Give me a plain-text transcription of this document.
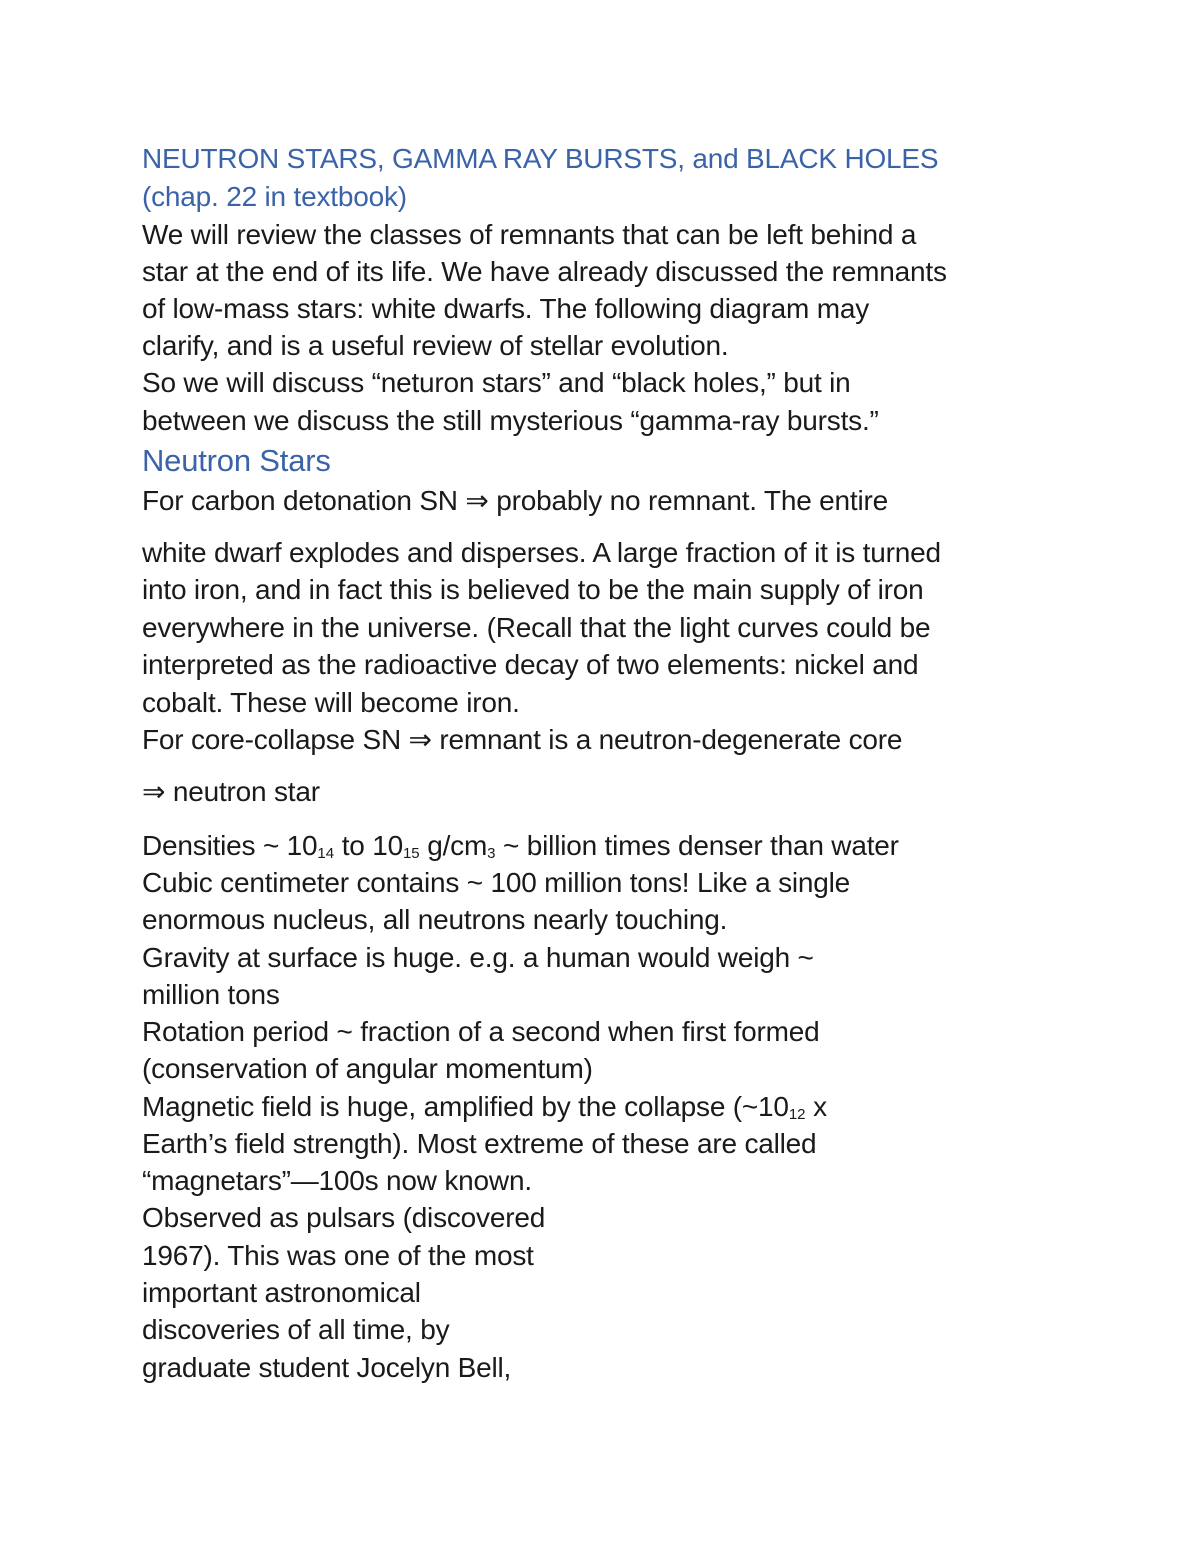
NEUTRON STARS, GAMMA RAY BURSTS, and BLACK HOLES
(chap. 22 in textbook)
We will review the classes of remnants that can be left behind a
star at the end of its life. We have already discussed the remnants
of low-mass stars: white dwarfs. The following diagram may
clarify, and is a useful review of stellar evolution.
So we will discuss “neturon stars” and “black holes,” but in
between we discuss the still mysterious “gamma-ray bursts.”
Neutron Stars
For carbon detonation SN ⇒ probably no remnant. The entire
white dwarf explodes and disperses. A large fraction of it is turned
into iron, and in fact this is believed to be the main supply of iron
everywhere in the universe. (Recall that the light curves could be
interpreted as the radioactive decay of two elements: nickel and
cobalt. These will become iron.
For core-collapse SN ⇒ remnant is a neutron-degenerate core
⇒ neutron star
Densities ~ $10_{14}$ to $10_{15}$ $g/cm_3$ ~ billion times denser than water
Cubic centimeter contains ~ 100 million tons! Like a single
enormous nucleus, all neutrons nearly touching.
Gravity at surface is huge. e.g. a human would weigh ~
million tons
Rotation period ~ fraction of a second when first formed
(conservation of angular momentum)
Magnetic field is huge, amplified by the collapse ($\sim 10_{12}$ x
Earth’s field strength). Most extreme of these are called
“magnetars”—100s now known.
Observed as pulsars (discovered
1967). This was one of the most
important astronomical
discoveries of all time, by
graduate student Jocelyn Bell,
